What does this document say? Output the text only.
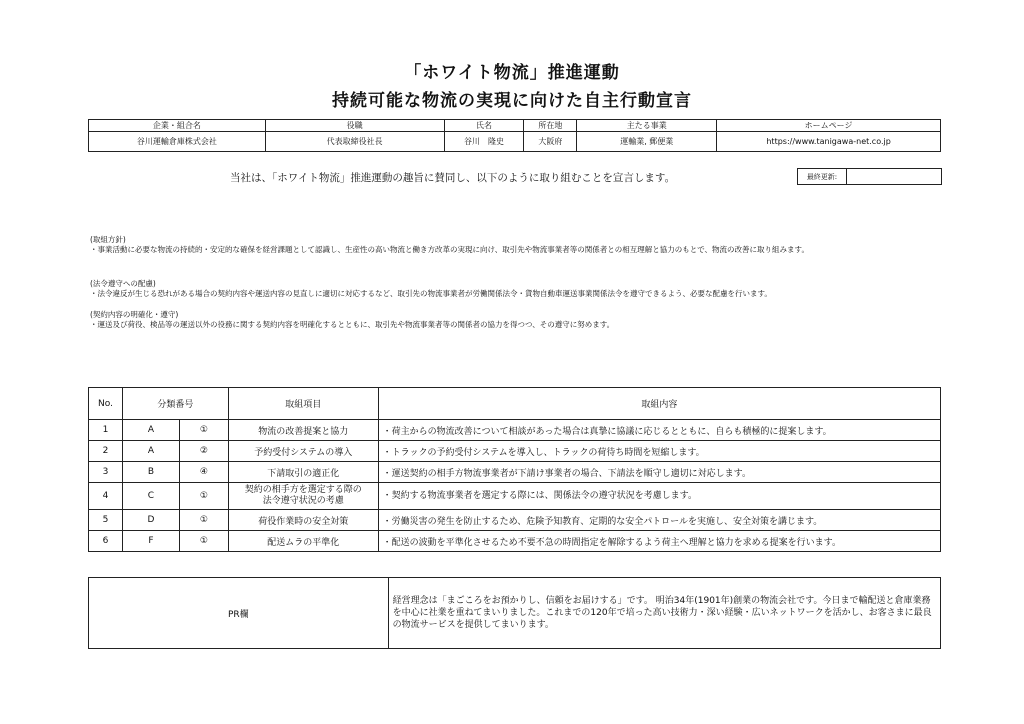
「ホワイト物流」推進運動
持続可能な物流の実現に向けた自主行動宣言
企業・組合名	役職	氏名	所在地	主たる事業	ホームページ
谷川運輸倉庫株式会社	代表取締役社長	谷川　隆史	大阪府	運輸業, 郵便業	https://www.tanigawa-net.co.jp
当社は、「ホワイト物流」推進運動の趣旨に賛同し、以下のように取り組むことを宣言します。	最終更新:
(取組方針)
・事業活動に必要な物流の持続的・安定的な確保を経営課題として認識し、生産性の高い物流と働き方改革の実現に向け、取引先や物流事業者等の関係者との相互理解と協力のもとで、物流の改善に取り組みます。
(法令遵守への配慮)
・法令違反が生じる恐れがある場合の契約内容や運送内容の見直しに適切に対応するなど、取引先の物流事業者が労働関係法令・貨物自動車運送事業関係法令を遵守できるよう、必要な配慮を行います。
(契約内容の明確化・遵守)
・運送及び荷役、検品等の運送以外の役務に関する契約内容を明確化するとともに、取引先や物流事業者等の関係者の協力を得つつ、その遵守に努めます。
No.	分類番号		取組項目	取組内容
1	A	①	物流の改善提案と協力	・荷主からの物流改善について相談があった場合は真摯に協議に応じるとともに、自らも積極的に提案します。
2	A	②	予約受付システムの導入	・トラックの予約受付システムを導入し、トラックの荷待ち時間を短縮します。
3	B	④	下請取引の適正化	・運送契約の相手方物流事業者が下請け事業者の場合、下請法を順守し適切に対応します。
4	C	①	契約の相手方を選定する際の
法令遵守状況の考慮	・契約する物流事業者を選定する際には、関係法令の遵守状況を考慮します。
5	D	①	荷役作業時の安全対策	・労働災害の発生を防止するため、危険予知教育、定期的な安全パトロールを実施し、安全対策を講じます。
6	F	①	配送ムラの平準化	・配送の波動を平準化させるため不要不急の時間指定を解除するよう荷主へ理解と協力を求める提案を行います。
PR欄	経営理念は「まごころをお預かりし、信頼をお届けする」です。 明治34年(1901年)創業の物流会社です。今日まで輸配送と倉庫業務を中心に社業を重ねてまいりました。これまでの120年で培った高い技術力・深い経験・広いネットワークを活かし、お客さまに最良の物流サービスを提供してまいります。
